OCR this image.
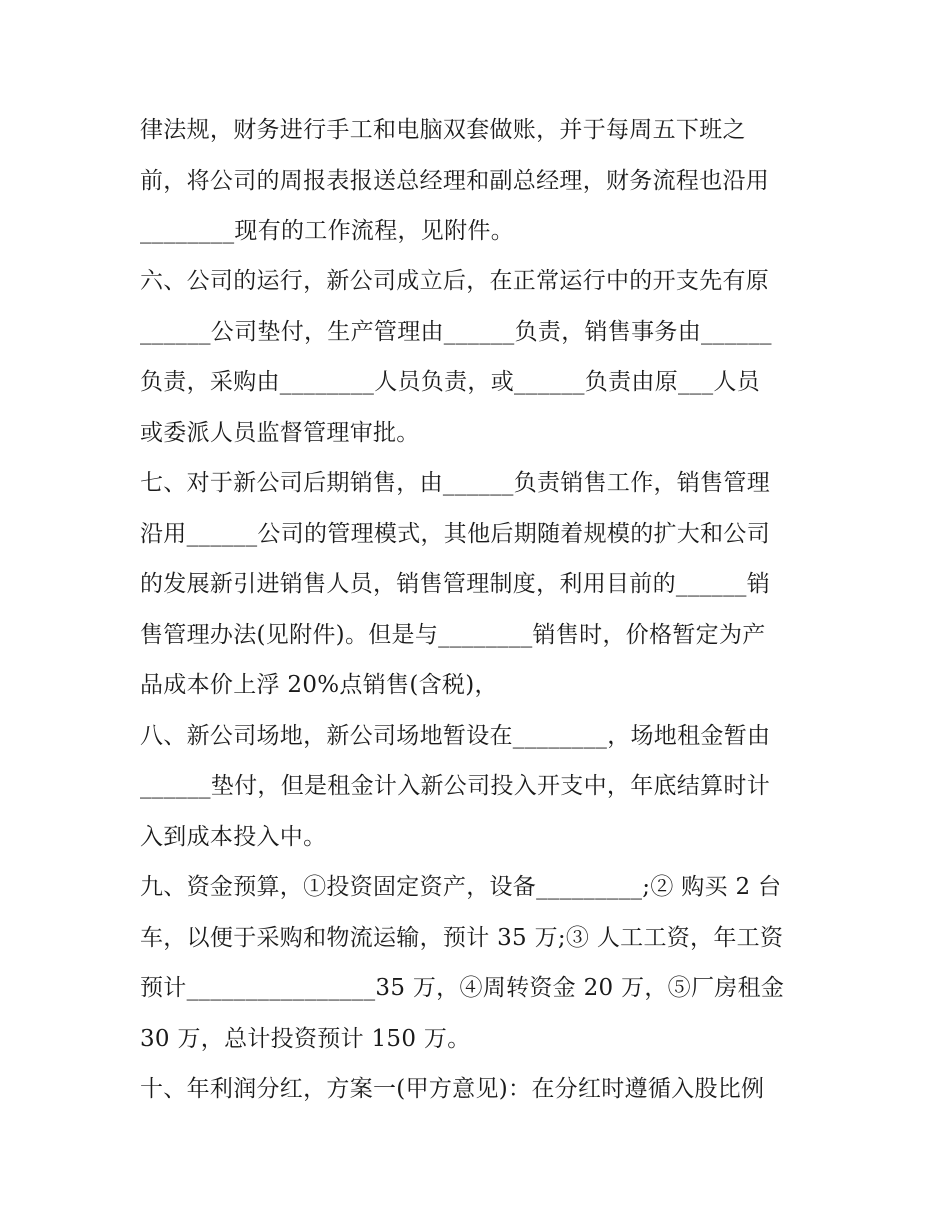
律法规，财务进行手工和电脑双套做账，并于每周五下班之
前，将公司的周报表报送总经理和副总经理，财务流程也沿用
________现有的工作流程，见附件。
六、公司的运行，新公司成立后，在正常运行中的开支先有原
______公司垫付，生产管理由______负责，销售事务由______
负责，采购由________人员负责，或______负责由原___人员
或委派人员监督管理审批。
七、对于新公司后期销售，由______负责销售工作，销售管理
沿用______公司的管理模式，其他后期随着规模的扩大和公司
的发展新引进销售人员，销售管理制度，利用目前的______销
售管理办法(见附件)。但是与________销售时，价格暂定为产
品成本价上浮 20%点销售(含税)，
八、新公司场地，新公司场地暂设在________，场地租金暂由
______垫付，但是租金计入新公司投入开支中，年底结算时计
入到成本投入中。
九、资金预算，①投资固定资产，设备_________;② 购买 2 台
车，以便于采购和物流运输，预计 35 万;③ 人工工资，年工资
预计________________35 万，④周转资金 20 万，⑤厂房租金
30 万，总计投资预计 150 万。
十、年利润分红，方案一(甲方意见)：在分红时遵循入股比例
